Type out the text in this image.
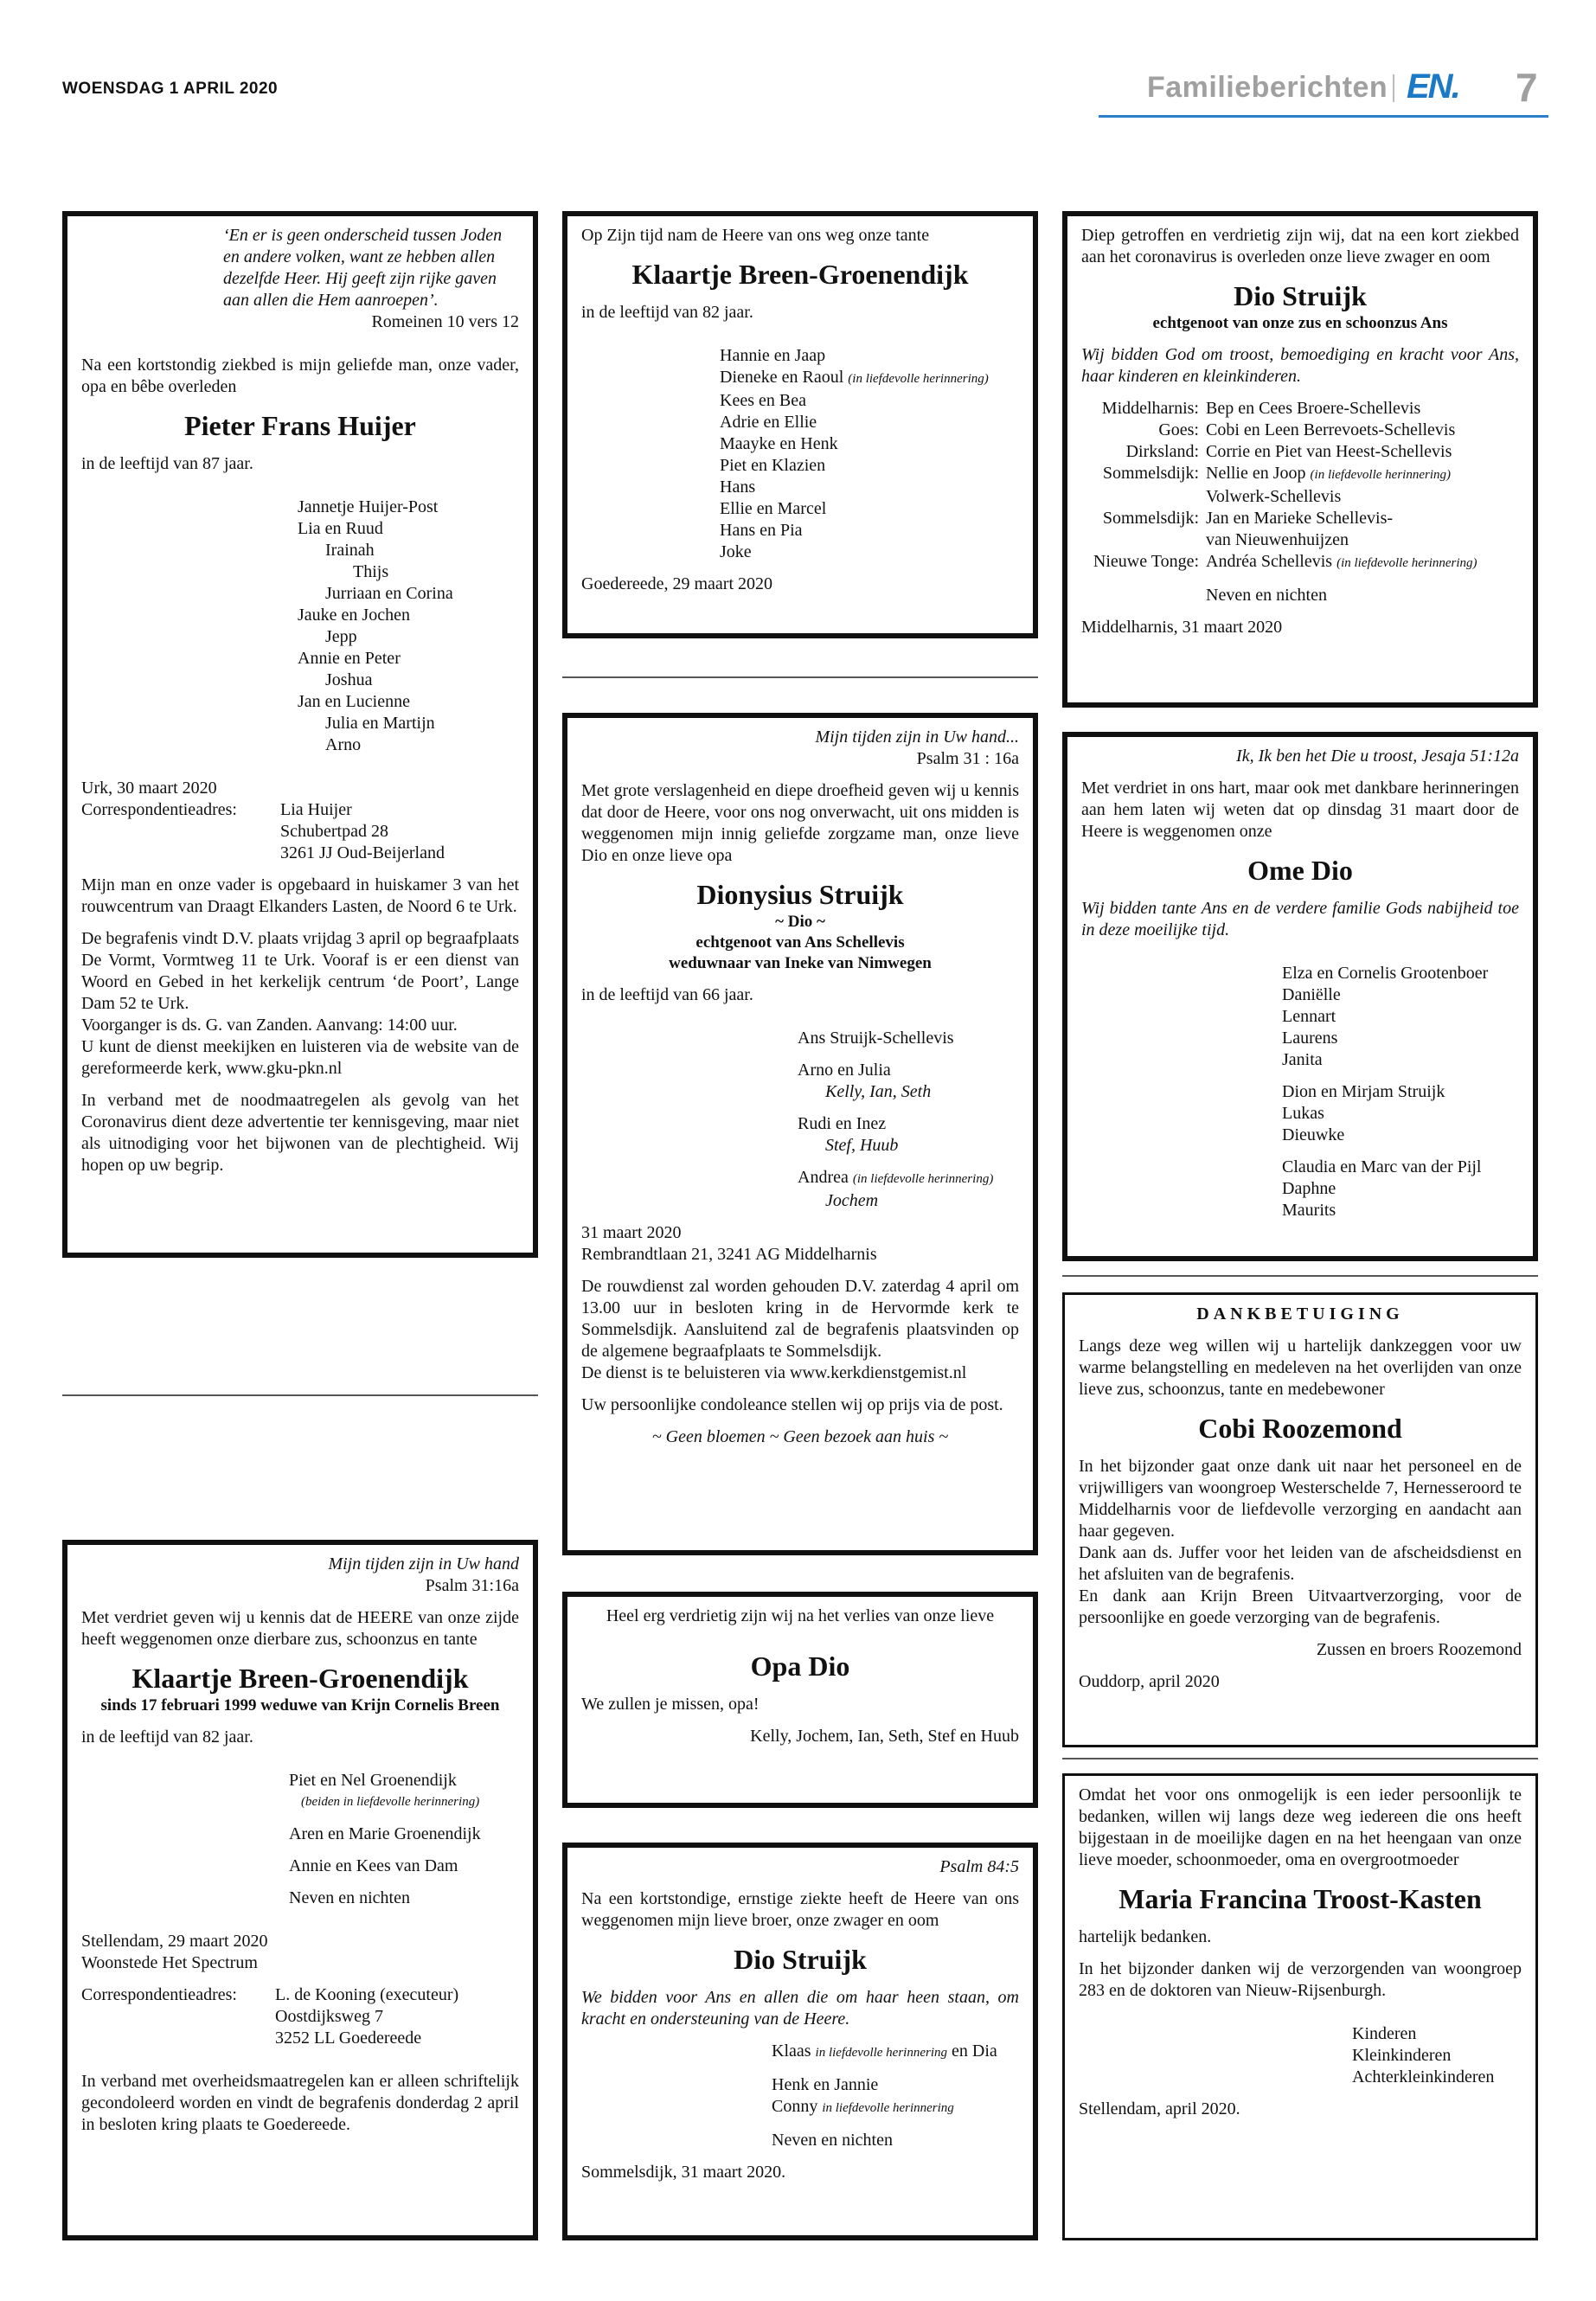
WOENSDAG 1 APRIL 2020	Familieberichten EN. 7

‘En er is geen onderscheid tussen Joden

en andere volken, want ze hebben allen

dezelfde Heer. Hij geeft zijn rijke gaven

aan allen die Hem aanroepen’.

Romeinen 10 vers 12

Na een kortstondig ziekbed is mijn geliefde man, onze vader, opa en bêbe overleden

Pieter Frans Huijer

in de leeftijd van 87 jaar.

Jannetje Huijer-Post

Lia en Ruud

Irainah

Thijs

Jurriaan en Corina

Jauke en Jochen

Jepp

Annie en Peter

Joshua

Jan en Lucienne

Julia en Martijn

Arno

Urk, 30 maart 2020

Correspondentieadres:	Lia Huijer

Schubertpad 28

3261 JJ Oud-Beijerland

Mijn man en onze vader is opgebaard in huiskamer 3 van het rouwcentrum van Draagt Elkanders Lasten, de Noord 6 te Urk.

De begrafenis vindt D.V. plaats vrijdag 3 april op begraafplaats De Vormt, Vormtweg 11 te Urk. Vooraf is er een dienst van Woord en Gebed in het kerkelijk centrum ‘de Poort’, Lange Dam 52 te Urk.

Voorganger is ds. G. van Zanden. Aanvang: 14:00 uur.

U kunt de dienst meekijken en luisteren via de website van de gereformeerde kerk, www.gku-pkn.nl

In verband met de noodmaatregelen als gevolg van het Coronavirus dient deze advertentie ter kennisgeving, maar niet als uitnodiging voor het bijwonen van de plechtigheid. Wij hopen op uw begrip.

Mijn tijden zijn in Uw hand

Psalm 31:16a

Met verdriet geven wij u kennis dat de HEERE van onze zijde heeft weggenomen onze dierbare zus, schoonzus en tante

Klaartje Breen-Groenendijk

sinds 17 februari 1999 weduwe van Krijn Cornelis Breen

in de leeftijd van 82 jaar.

Piet en Nel Groenendijk

(beiden in liefdevolle herinnering)

Aren en Marie Groenendijk

Annie en Kees van Dam

Neven en nichten

Stellendam, 29 maart 2020

Woonstede Het Spectrum

Correspondentieadres:	L. de Kooning (executeur)

Oostdijksweg 7

3252 LL Goedereede

In verband met overheidsmaatregelen kan er alleen schriftelijk gecondoleerd worden en vindt de begrafenis donderdag 2 april in besloten kring plaats te Goedereede.

Op Zijn tijd nam de Heere van ons weg onze tante

Klaartje Breen-Groenendijk

in de leeftijd van 82 jaar.

Hannie en Jaap

Dieneke en Raoul (in liefdevolle herinnering)

Kees en Bea

Adrie en Ellie

Maayke en Henk

Piet en Klazien

Hans

Ellie en Marcel

Hans en Pia

Joke

Goedereede, 29 maart 2020

Mijn tijden zijn in Uw hand...

Psalm 31 : 16a

Met grote verslagenheid en diepe droefheid geven wij u kennis dat door de Heere, voor ons nog onverwacht, uit ons midden is weggenomen mijn innig geliefde zorgzame man, onze lieve Dio en onze lieve opa

Dionysius Struijk

~ Dio ~

echtgenoot van Ans Schellevis

weduwnaar van Ineke van Nimwegen

in de leeftijd van 66 jaar.

Ans Struijk-Schellevis

Arno en Julia

Kelly, Ian, Seth

Rudi en Inez

Stef, Huub

Andrea (in liefdevolle herinnering)

Jochem

31 maart 2020

Rembrandtlaan 21, 3241 AG Middelharnis

De rouwdienst zal worden gehouden D.V. zaterdag 4 april om 13.00 uur in besloten kring in de Hervormde kerk te Sommelsdijk. Aansluitend zal de begrafenis plaatsvinden op de algemene begraafplaats te Sommelsdijk.

De dienst is te beluisteren via www.kerkdienstgemist.nl

Uw persoonlijke condoleance stellen wij op prijs via de post.

~ Geen bloemen ~ Geen bezoek aan huis ~

Heel erg verdrietig zijn wij na het verlies van onze lieve

Opa Dio

We zullen je missen, opa!

Kelly, Jochem, Ian, Seth, Stef en Huub

Psalm 84:5

Na een kortstondige, ernstige ziekte heeft de Heere van ons weggenomen mijn lieve broer, onze zwager en oom

Dio Struijk

We bidden voor Ans en allen die om haar heen staan, om kracht en ondersteuning van de Heere.

Klaas in liefdevolle herinnering en Dia

Henk en Jannie

Conny in liefdevolle herinnering

Neven en nichten

Sommelsdijk, 31 maart 2020.

Diep getroffen en verdrietig zijn wij, dat na een kort ziekbed aan het coronavirus is overleden onze lieve zwager en oom

Dio Struijk

echtgenoot van onze zus en schoonzus Ans

Wij bidden God om troost, bemoediging en kracht voor Ans, haar kinderen en kleinkinderen.

Middelharnis: Bep en Cees Broere-Schellevis

Goes: Cobi en Leen Berrevoets-Schellevis

Dirksland: Corrie en Piet van Heest-Schellevis

Sommelsdijk: Nellie en Joop (in liefdevolle herinnering)

Volwerk-Schellevis

Sommelsdijk: Jan en Marieke Schellevis-

van Nieuwenhuijzen

Nieuwe Tonge: Andréa Schellevis (in liefdevolle herinnering)

Neven en nichten

Middelharnis, 31 maart 2020

Ik, Ik ben het Die u troost, Jesaja 51:12a

Met verdriet in ons hart, maar ook met dankbare herinneringen aan hem laten wij weten dat op dinsdag 31 maart door de Heere is weggenomen onze

Ome Dio

Wij bidden tante Ans en de verdere familie Gods nabijheid toe in deze moeilijke tijd.

Elza en Cornelis Grootenboer

Daniëlle

Lennart

Laurens

Janita

Dion en Mirjam Struijk

Lukas

Dieuwke

Claudia en Marc van der Pijl

Daphne

Maurits

DANKBETUIGING

Langs deze weg willen wij u hartelijk dankzeggen voor uw warme belangstelling en medeleven na het overlijden van onze lieve zus, schoonzus, tante en medebewoner

Cobi Roozemond

In het bijzonder gaat onze dank uit naar het personeel en de vrijwilligers van woongroep Westerschelde 7, Hernesseroord te Middelharnis voor de liefdevolle verzorging en aandacht aan haar gegeven.

Dank aan ds. Juffer voor het leiden van de afscheidsdienst en het afsluiten van de begrafenis.

En dank aan Krijn Breen Uitvaartverzorging, voor de persoonlijke en goede verzorging van de begrafenis.

Zussen en broers Roozemond

Ouddorp, april 2020

Omdat het voor ons onmogelijk is een ieder persoonlijk te bedanken, willen wij langs deze weg iedereen die ons heeft bijgestaan in de moeilijke dagen en na het heengaan van onze lieve moeder, schoonmoeder, oma en overgrootmoeder

Maria Francina Troost-Kasten

hartelijk bedanken.

In het bijzonder danken wij de verzorgenden van woongroep 283 en de doktoren van Nieuw-Rijsenburgh.

Kinderen

Kleinkinderen

Achterkleinkinderen

Stellendam, april 2020.
